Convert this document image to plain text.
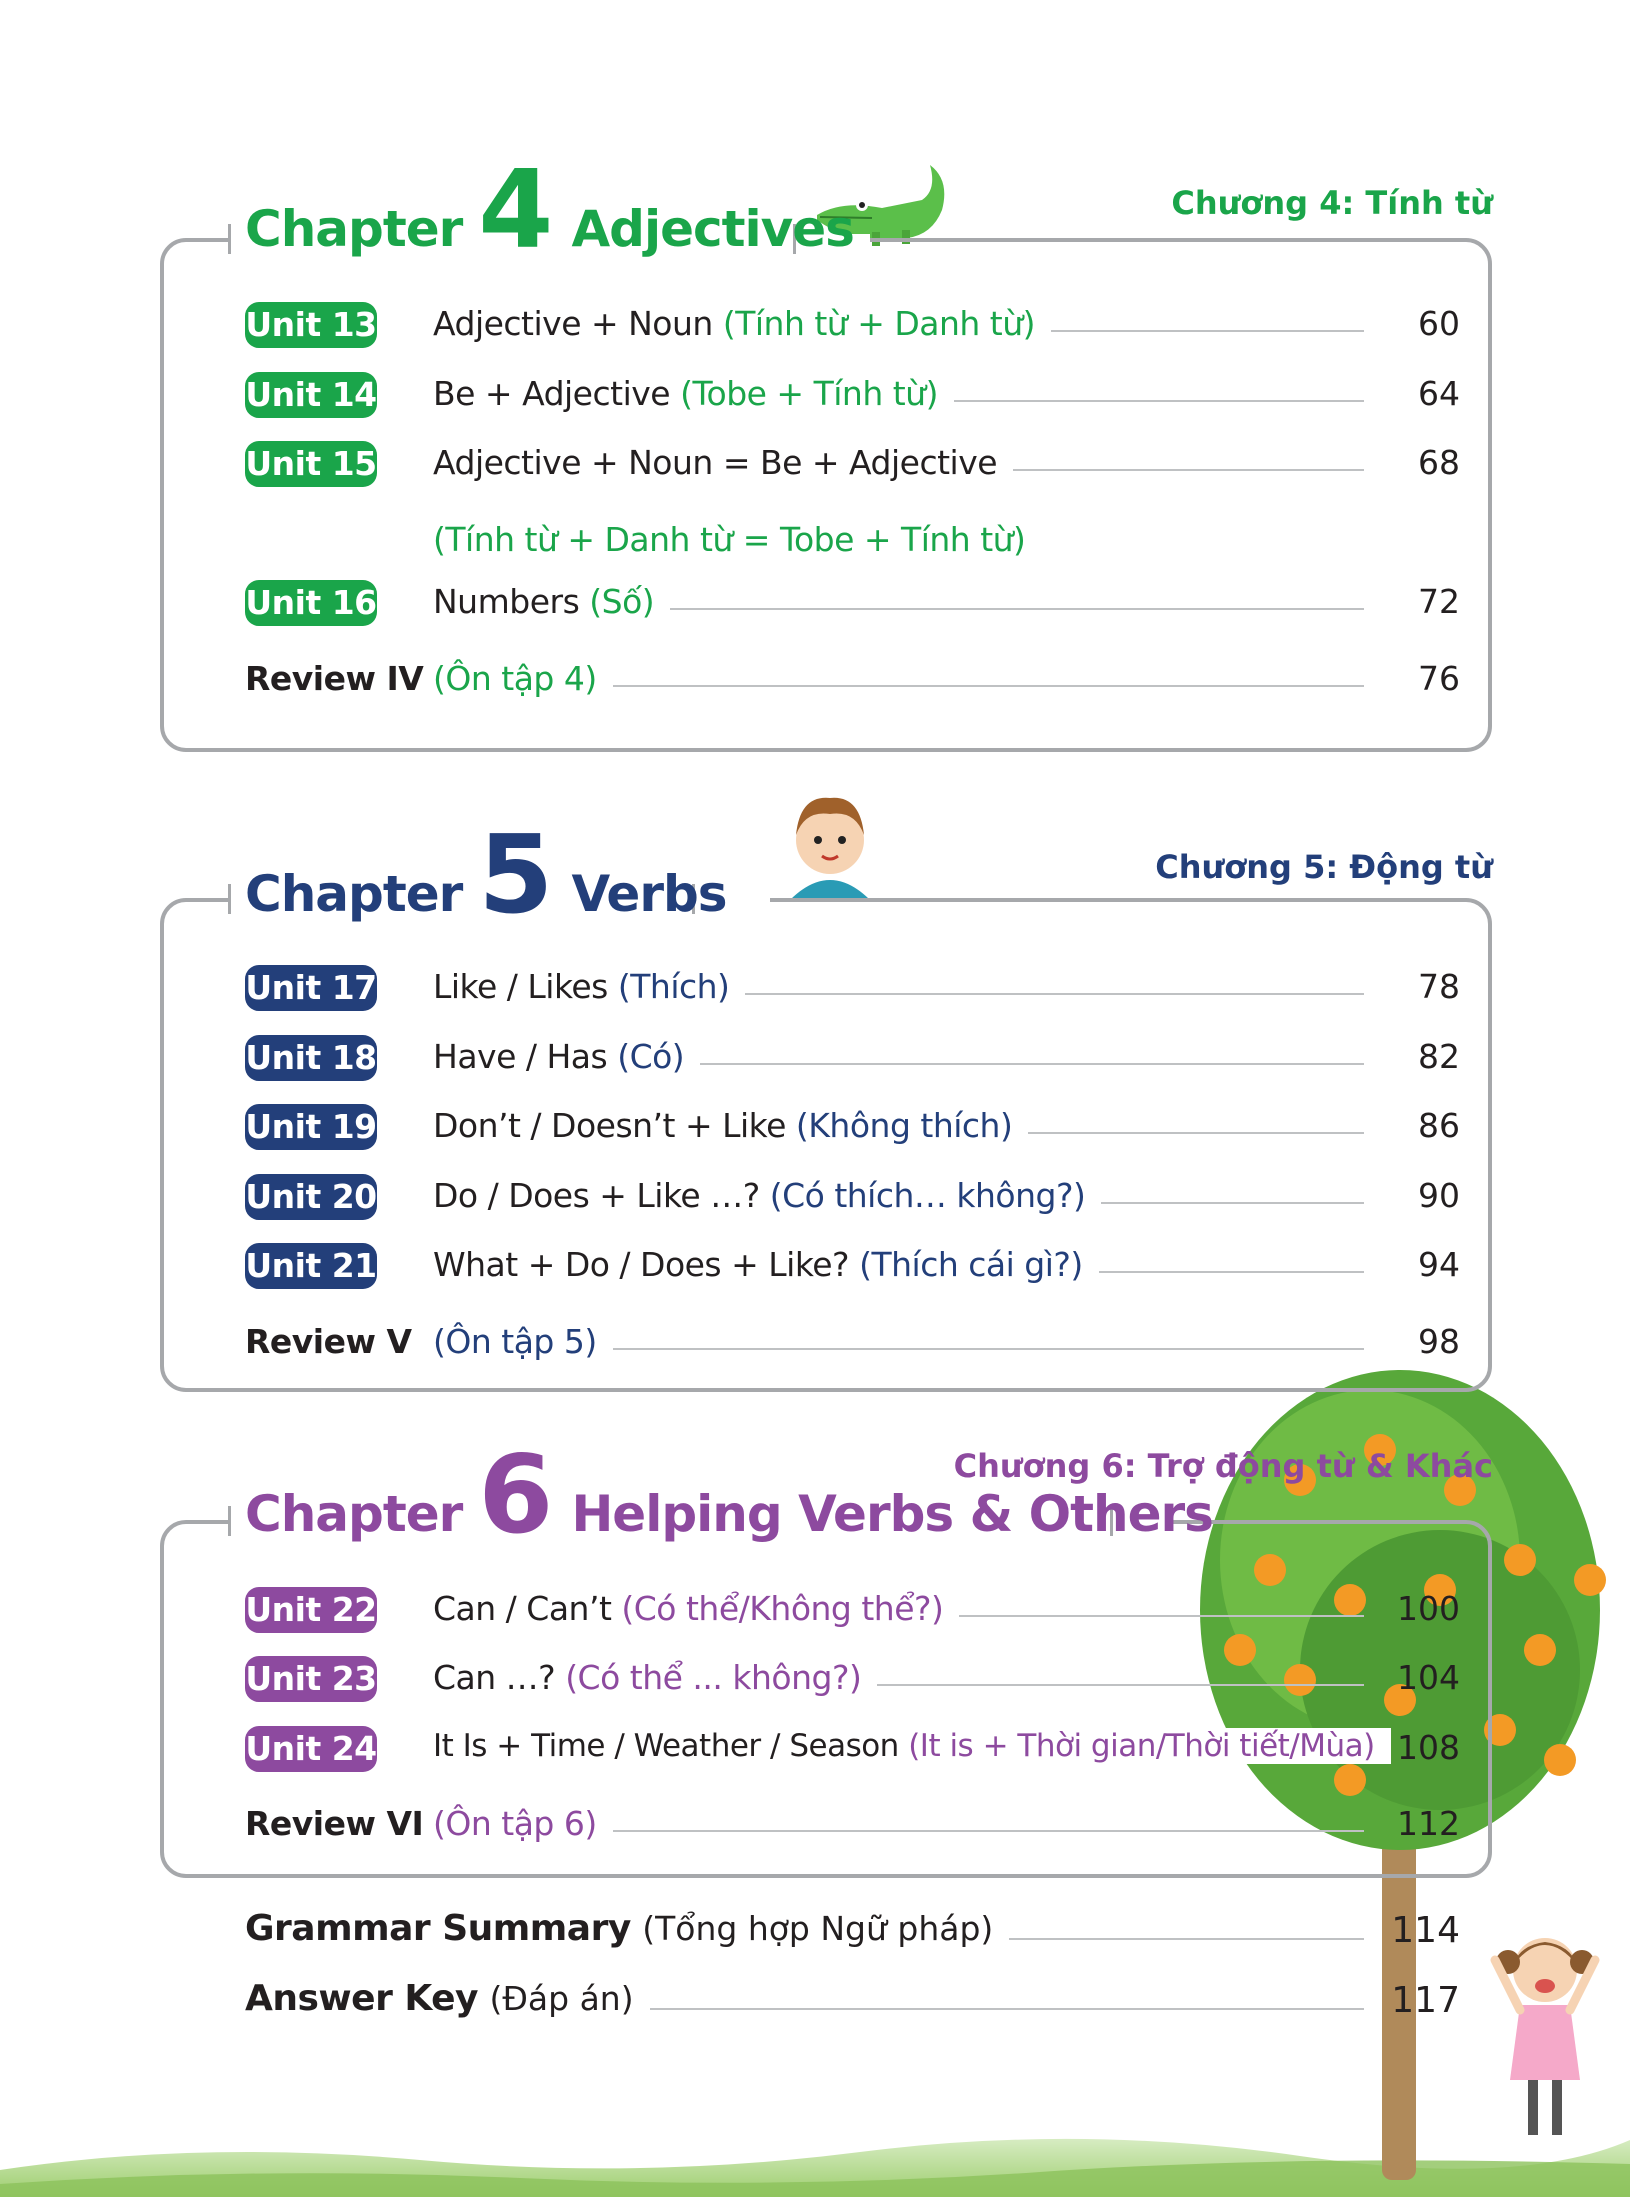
Chapter 4 Adjectives	Chương 4: Tính từ
Unit 13 Adjective + Noun (Tính từ + Danh từ)	60
Unit 14 Be + Adjective (Tobe + Tính từ)	64
Unit 15 Adjective + Noun = Be + Adjective	68
(Tính từ + Danh từ = Tobe + Tính từ)
Unit 16 Numbers (Số)	72
Review IV (Ôn tập 4)	76
Chapter 5 Verbs	Chương 5: Động từ
Unit 17 Like / Likes (Thích)	78
Unit 18 Have / Has (Có)	82
Unit 19 Don’t / Doesn’t + Like (Không thích)	86
Unit 20 Do / Does + Like …? (Có thích… không?)	90
Unit 21 What + Do / Does + Like? (Thích cái gì?)	94
Review V (Ôn tập 5)	98
Chapter 6 Helping Verbs & Others
Chương 6: Trợ động từ & Khác
Unit 22 Can / Can’t (Có thể/Không thể?)	100
Unit 23 Can …? (Có thể ... không?)	104
Unit 24 It Is + Time / Weather / Season (It is + Thời gian/Thời tiết/Mùa) 108
Review VI (Ôn tập 6)	112
Grammar Summary (Tổng hợp Ngữ pháp)	114
Answer Key (Đáp án)	117
